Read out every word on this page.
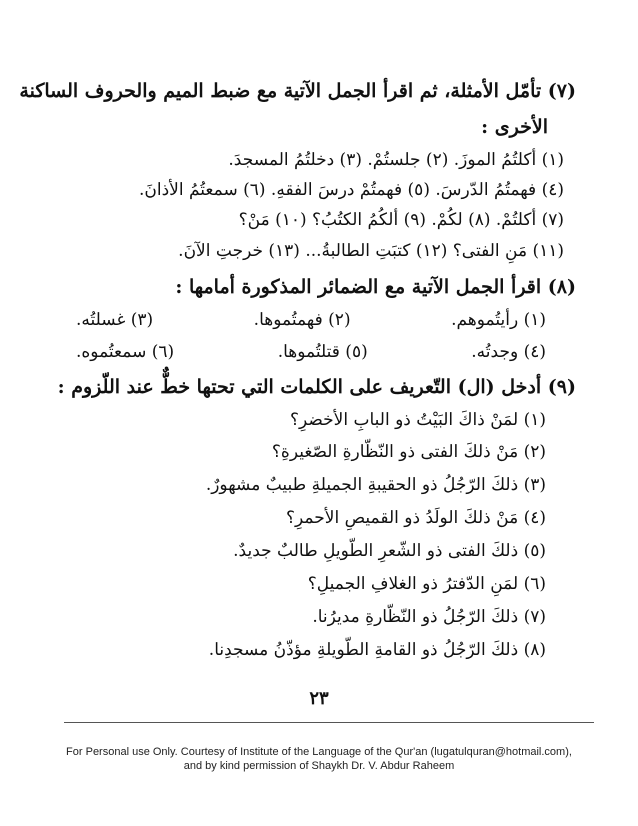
(٧) تأمّل الأمثلة، ثم اقرأ الجمل الآتية مع ضبط الميم والحروف الساكنة
الأخرى :
(١) أكلتُمُ الموزَ. (٢) جلستُمْ. (٣) دخلتُمُ المسجدَ.
(٤) فهمتُمُ الدّرسَ. (٥) فهمتُمْ درسَ الفقهِ. (٦) سمعتُمُ الأذانَ.
(٧) أكلتُمْ. (٨) لكُمْ. (٩) ألكُمُ الكتُبُ؟ (١٠) مَنْ؟
(١١) مَنِ الفتى؟ (١٢) كتبَتِ الطالبةُ... (١٣) خرجتِ الآنَ.
(٨) اقرأ الجمل الآتية مع الضمائر المذكورة أمامها :
(١) رأيتُموهم.
(٢) فهمتُموها.
(٣) غسلتُه.
(٤) وجدتُه.
(٥) قتلتُموها.
(٦) سمعتُموه.
(٩) أدخل (ال) التّعريف على الكلمات التي تحتها خطٌّ عند اللّزوم :
(١) لمَنْ ذاكَ البَيْتُ ذو البابِ الأخضرِ؟
(٢) مَنْ ذلكَ الفتى ذو النّظّارةِ الصّغيرةِ؟
(٣) ذلكَ الرّجُلُ ذو الحقيبةِ الجميلةِ طبيبٌ مشهورٌ.
(٤) مَنْ ذلكَ الولَدُ ذو القميصِ الأحمرِ؟
(٥) ذلكَ الفتى ذو الشّعرِ الطّويلِ طالبٌ جديدٌ.
(٦) لمَنِ الدّفترُ ذو الغلافِ الجميلِ؟
(٧) ذلكَ الرّجُلُ ذو النّظّارةِ مديرُنا.
(٨) ذلكَ الرّجُلُ ذو القامةِ الطّويلةِ مؤذّنُ مسجدِنا.
٢٣
For Personal use Only. Courtesy of Institute of the Language of the Qur'an (lugatulquran@hotmail.com),
and by kind permission of Shaykh Dr. V. Abdur Raheem
